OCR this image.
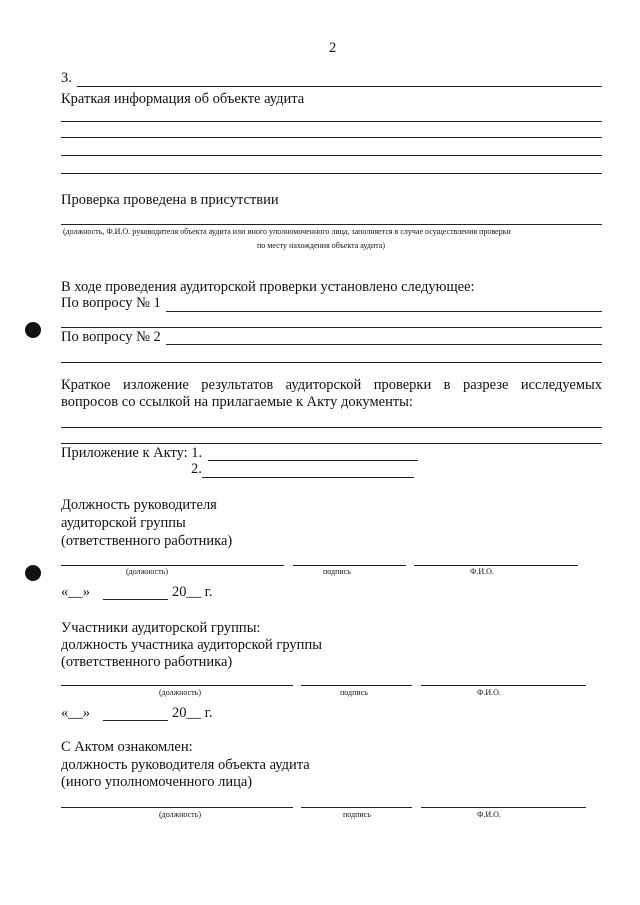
2
3.
Краткая информация об объекте аудита
Проверка проведена в присутствии
(должность, Ф.И.О. руководителя объекта аудита или иного уполномоченного лица, заполняется в случае осуществления проверки
по месту нахождения объекта аудита)
В ходе проведения аудиторской проверки установлено следующее:
По вопросу № 1
По вопросу № 2
Краткое изложение результатов аудиторской проверки в разрезе исследуемых
вопросов со ссылкой на прилагаемые к Акту документы:
Приложение к Акту: 1.
2.
Должность руководителя
аудиторской группы
(ответственного работника)
(должность)	подпись	Ф.И.О.
«__»	20__ г.
Участники аудиторской группы:
должность участника аудиторской группы
(ответственного работника)
(должность)	подпись	Ф.И.О.
«__»	20__ г.
С Актом ознакомлен:
должность руководителя объекта аудита
(иного уполномоченного лица)
(должность)	подпись	Ф.И.О.
